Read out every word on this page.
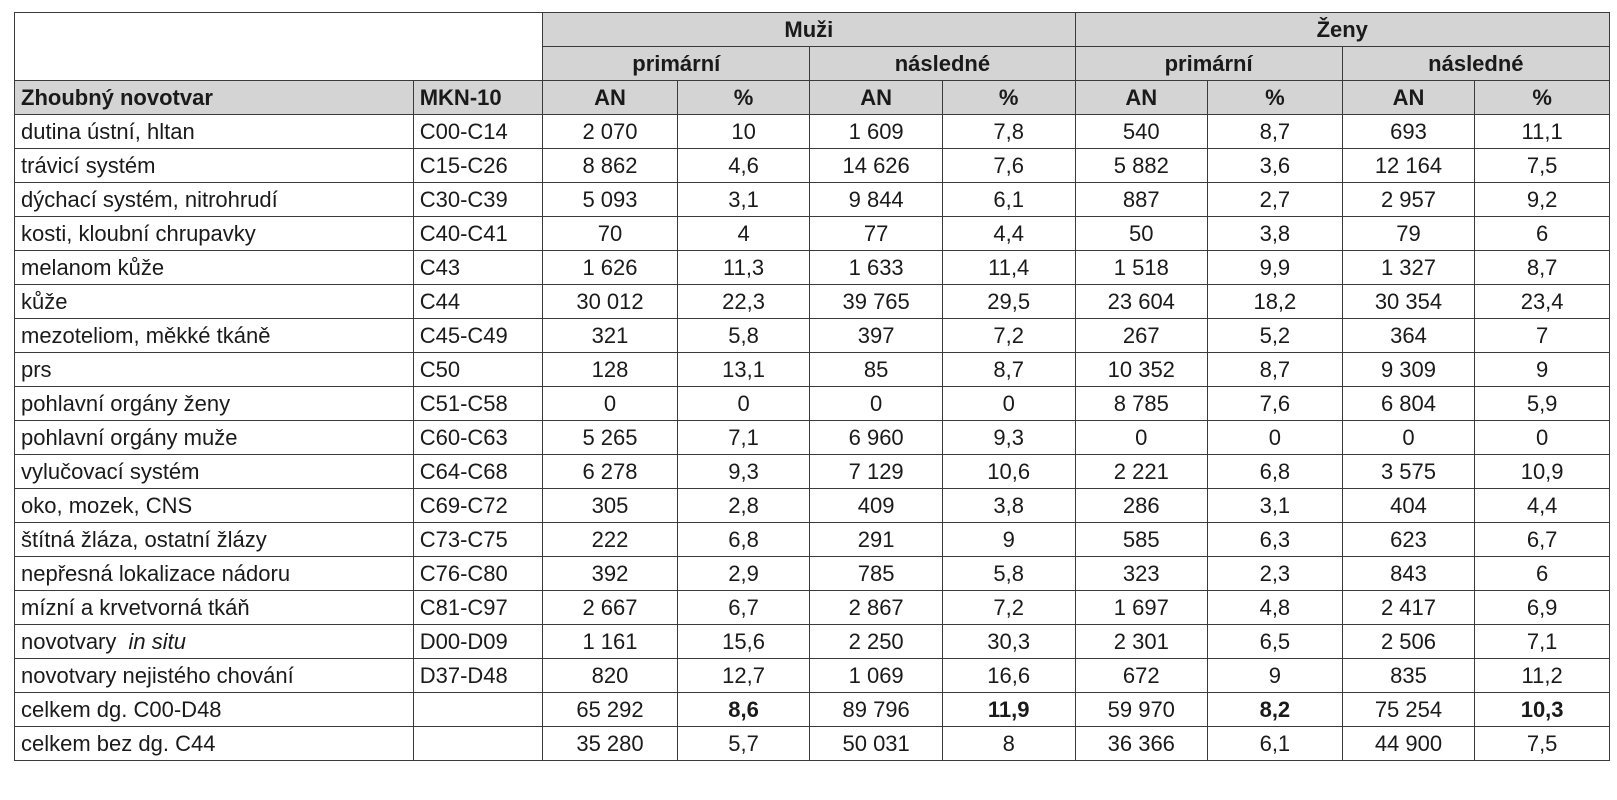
		Muži				Ženy			
		primární		následné		primární		následné	
Zhoubný novotvar	MKN-10	AN	%	AN	%	AN	%	AN	%
dutina ústní, hltan	C00-C14	2 070	10	1 609	7,8	540	8,7	693	11,1
trávicí systém	C15-C26	8 862	4,6	14 626	7,6	5 882	3,6	12 164	7,5
dýchací systém, nitrohrudí	C30-C39	5 093	3,1	9 844	6,1	887	2,7	2 957	9,2
kosti, kloubní chrupavky	C40-C41	70	4	77	4,4	50	3,8	79	6
melanom kůže	C43	1 626	11,3	1 633	11,4	1 518	9,9	1 327	8,7
kůže	C44	30 012	22,3	39 765	29,5	23 604	18,2	30 354	23,4
mezoteliom, měkké tkáně	C45-C49	321	5,8	397	7,2	267	5,2	364	7
prs	C50	128	13,1	85	8,7	10 352	8,7	9 309	9
pohlavní orgány ženy	C51-C58	0	0	0	0	8 785	7,6	6 804	5,9
pohlavní orgány muže	C60-C63	5 265	7,1	6 960	9,3	0	0	0	0
vylučovací systém	C64-C68	6 278	9,3	7 129	10,6	2 221	6,8	3 575	10,9
oko, mozek, CNS	C69-C72	305	2,8	409	3,8	286	3,1	404	4,4
štítná žláza, ostatní žlázy	C73-C75	222	6,8	291	9	585	6,3	623	6,7
nepřesná lokalizace nádoru	C76-C80	392	2,9	785	5,8	323	2,3	843	6
mízní a krvetvorná tkáň	C81-C97	2 667	6,7	2 867	7,2	1 697	4,8	2 417	6,9
novotvary in situ	D00-D09	1 161	15,6	2 250	30,3	2 301	6,5	2 506	7,1
novotvary nejistého chování	D37-D48	820	12,7	1 069	16,6	672	9	835	11,2
celkem dg. C00-D48		65 292	8,6	89 796	11,9	59 970	8,2	75 254	10,3
celkem bez dg. C44		35 280	5,7	50 031	8	36 366	6,1	44 900	7,5
